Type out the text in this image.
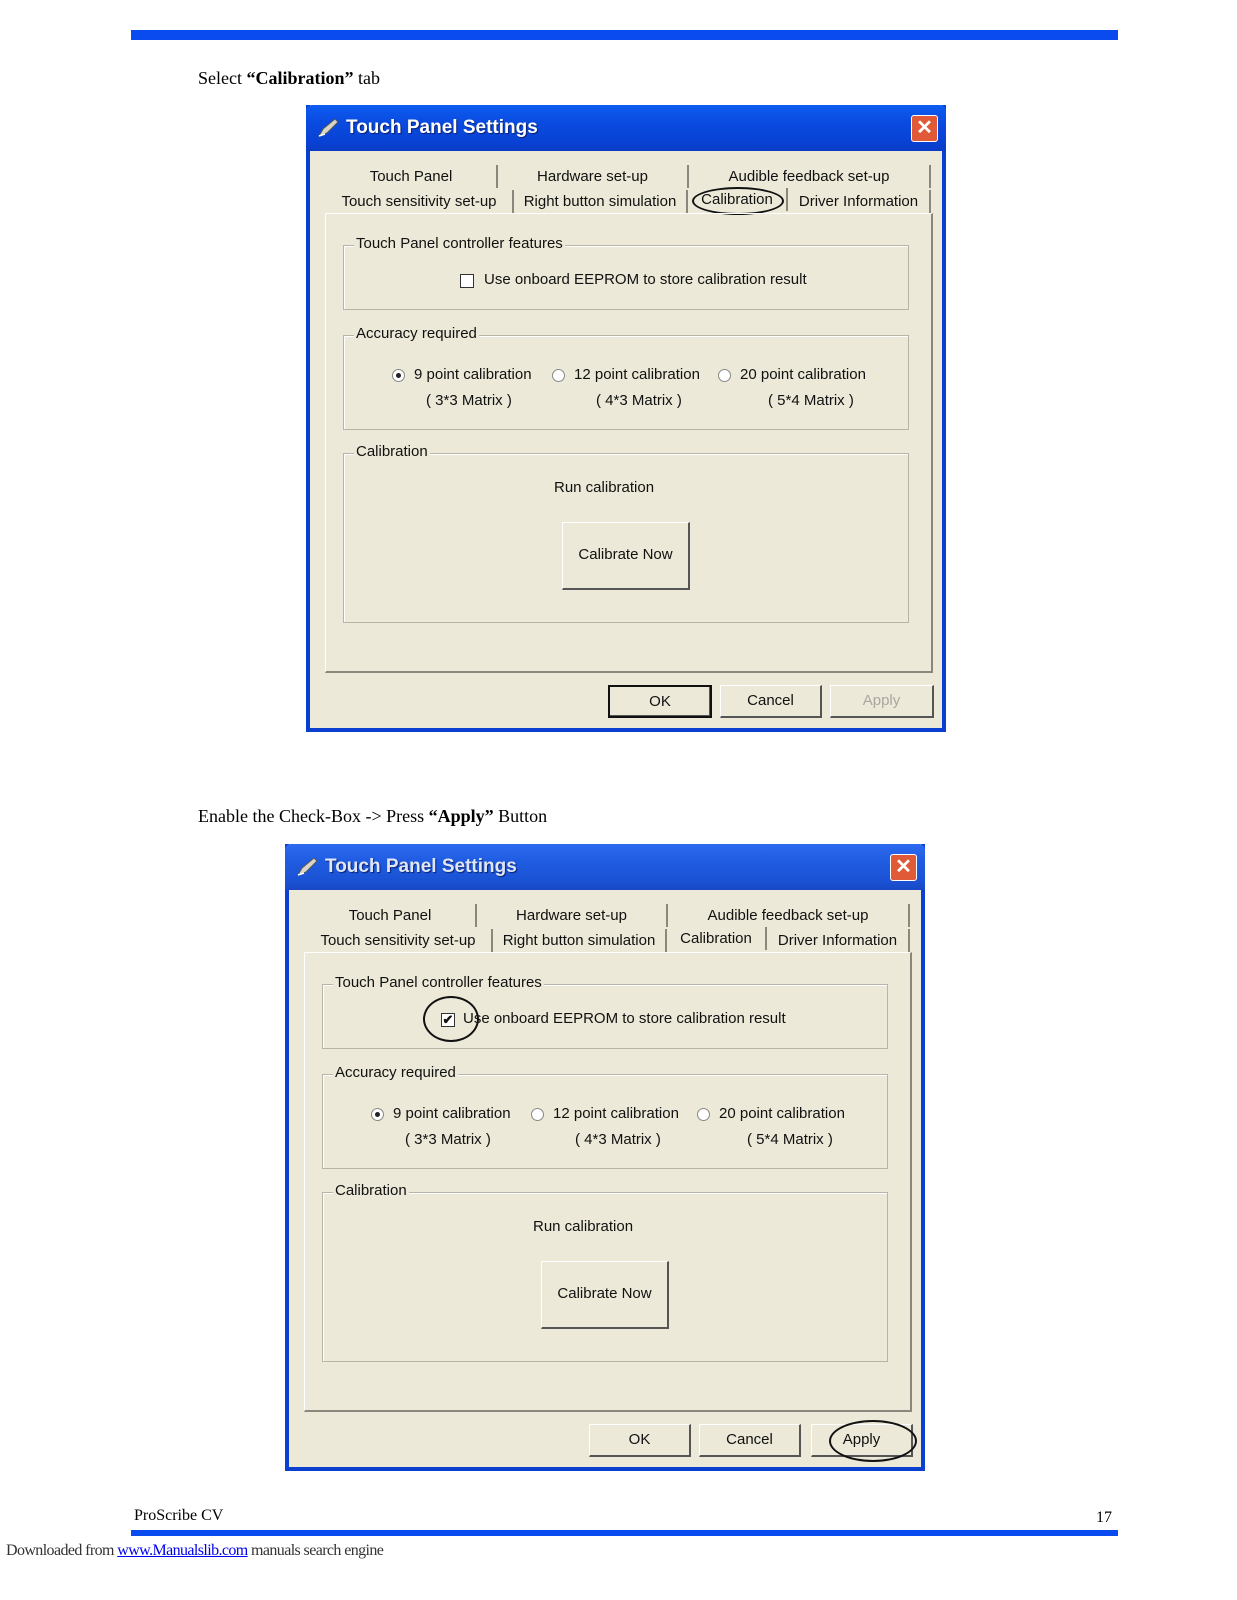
Select “Calibration” tab
Touch Panel Settings	✕
Touch Panel	Hardware set-up	Audible feedback set-up
Touch sensitivity set-up	Right button simulation	Calibration	Driver Information
Touch Panel controller features
Use onboard EEPROM to store calibration result
Accuracy required
9 point calibration
( 3*3 Matrix )
12 point calibration
( 4*3 Matrix )
20 point calibration
( 5*4 Matrix )
Calibration
Run calibration
Calibrate Now
OK	Cancel	Apply
Enable the Check-Box -> Press “Apply” Button
Touch Panel Settings	✕
Touch Panel	Hardware set-up	Audible feedback set-up
Touch sensitivity set-up	Right button simulation	Calibration	Driver Information
Touch Panel controller features
✔ Use onboard EEPROM to store calibration result
Accuracy required
9 point calibration
( 3*3 Matrix )
12 point calibration
( 4*3 Matrix )
20 point calibration
( 5*4 Matrix )
Calibration
Run calibration
Calibrate Now
OK	Cancel	Apply
ProScribe CV	17
Downloaded from www.Manualslib.com manuals search engine
